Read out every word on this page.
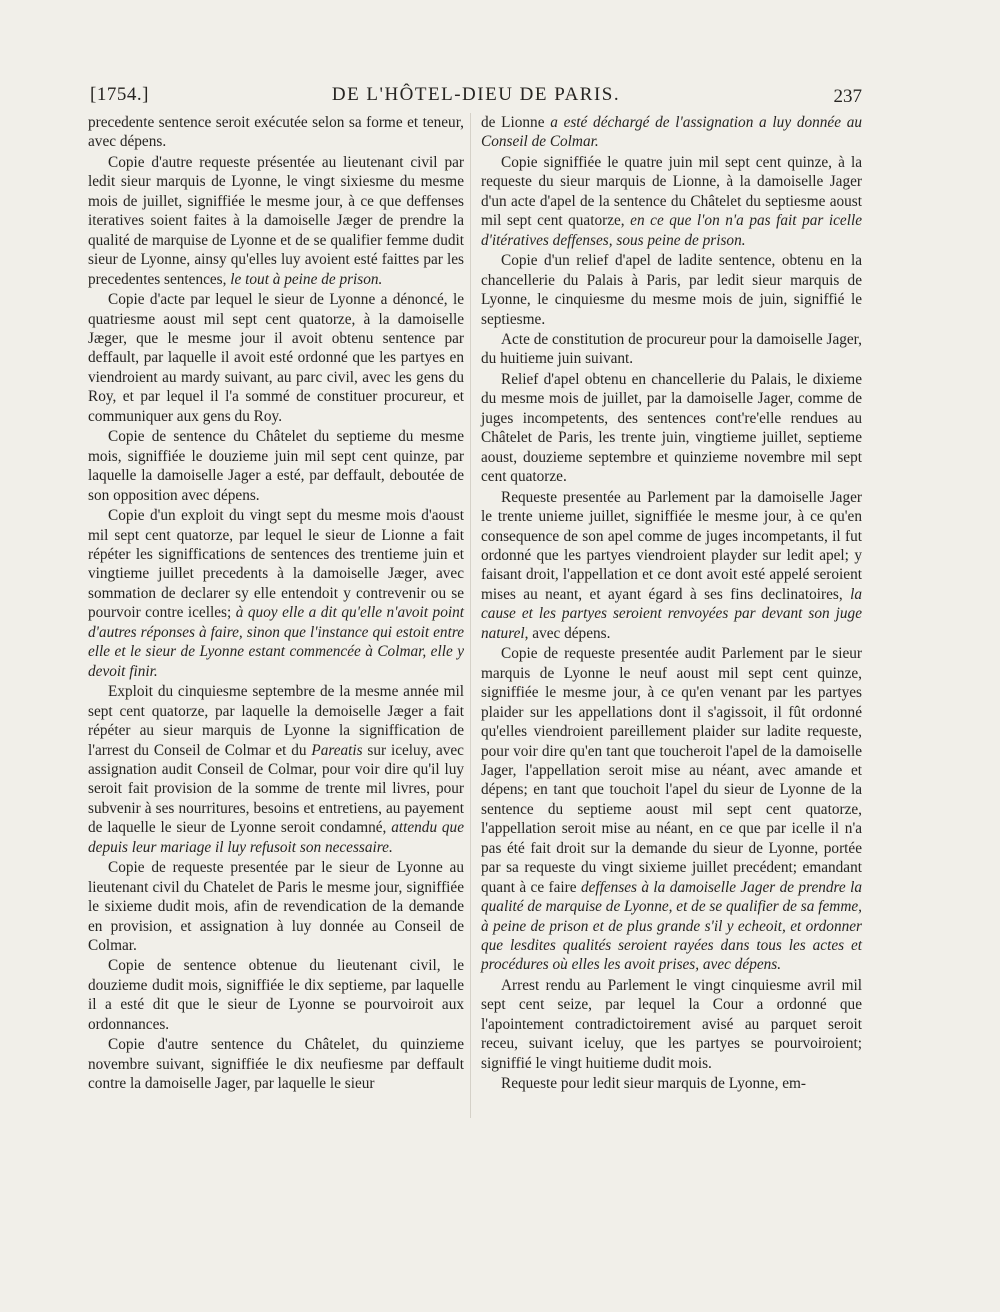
[1754.]	DE L'HÔTEL-DIEU DE PARIS.	237

precedente sentence seroit exécutée selon sa forme et teneur, avec dépens.

Copie d'autre requeste présentée au lieutenant civil par ledit sieur marquis de Lyonne, le vingt sixiesme du mesme mois de juillet, signiffiée le mesme jour, à ce que deffenses iteratives soient faites à la damoiselle Jæger de prendre la qualité de marquise de Lyonne et de se qualifier femme dudit sieur de Lyonne, ainsy qu'elles luy avoient esté faittes par les precedentes sentences, le tout à peine de prison.

Copie d'acte par lequel le sieur de Lyonne a dénoncé, le quatriesme aoust mil sept cent quatorze, à la damoiselle Jæger, que le mesme jour il avoit obtenu sentence par deffault, par laquelle il avoit esté ordonné que les partyes en viendroient au mardy suivant, au parc civil, avec les gens du Roy, et par lequel il l'a sommé de constituer procureur, et communiquer aux gens du Roy.

Copie de sentence du Châtelet du septieme du mesme mois, signiffiée le douzieme juin mil sept cent quinze, par laquelle la damoiselle Jager a esté, par deffault, deboutée de son opposition avec dépens.

Copie d'un exploit du vingt sept du mesme mois d'aoust mil sept cent quatorze, par lequel le sieur de Lionne a fait répéter les signiffications de sentences des trentieme juin et vingtieme juillet precedents à la damoiselle Jæger, avec sommation de declarer sy elle entendoit y contrevenir ou se pourvoir contre icelles; à quoy elle a dit qu'elle n'avoit point d'autres réponses à faire, sinon que l'instance qui estoit entre elle et le sieur de Lyonne estant commencée à Colmar, elle y devoit finir.

Exploit du cinquiesme septembre de la mesme année mil sept cent quatorze, par laquelle la demoiselle Jæger a fait répéter au sieur marquis de Lyonne la signiffication de l'arrest du Conseil de Colmar et du Pareatis sur iceluy, avec assignation audit Conseil de Colmar, pour voir dire qu'il luy seroit fait provision de la somme de trente mil livres, pour subvenir à ses nourritures, besoins et entretiens, au payement de laquelle le sieur de Lyonne seroit condamné, attendu que depuis leur mariage il luy refusoit son necessaire.

Copie de requeste presentée par le sieur de Lyonne au lieutenant civil du Chatelet de Paris le mesme jour, signiffiée le sixieme dudit mois, afin de revendication de la demande en provision, et assignation à luy donnée au Conseil de Colmar.

Copie de sentence obtenue du lieutenant civil, le douzieme dudit mois, signiffiée le dix septieme, par laquelle il a esté dit que le sieur de Lyonne se pourvoiroit aux ordonnances.

Copie d'autre sentence du Châtelet, du quinzieme novembre suivant, signiffiée le dix neufiesme par deffault contre la damoiselle Jager, par laquelle le sieur

de Lionne a esté déchargé de l'assignation a luy donnée au Conseil de Colmar.

Copie signiffiée le quatre juin mil sept cent quinze, à la requeste du sieur marquis de Lionne, à la damoiselle Jager d'un acte d'apel de la sentence du Châtelet du septiesme aoust mil sept cent quatorze, en ce que l'on n'a pas fait par icelle d'itératives deffenses, sous peine de prison.

Copie d'un relief d'apel de ladite sentence, obtenu en la chancellerie du Palais à Paris, par ledit sieur marquis de Lyonne, le cinquiesme du mesme mois de juin, signiffié le septiesme.

Acte de constitution de procureur pour la damoiselle Jager, du huitieme juin suivant.

Relief d'apel obtenu en chancellerie du Palais, le dixieme du mesme mois de juillet, par la damoiselle Jager, comme de juges incompetents, des sentences cont're'elle rendues au Châtelet de Paris, les trente juin, vingtieme juillet, septieme aoust, douzieme septembre et quinzieme novembre mil sept cent quatorze.

Requeste presentée au Parlement par la damoiselle Jager le trente unieme juillet, signiffiée le mesme jour, à ce qu'en consequence de son apel comme de juges incompetants, il fut ordonné que les partyes viendroient playder sur ledit apel; y faisant droit, l'appellation et ce dont avoit esté appelé seroient mises au neant, et ayant égard à ses fins declinatoires, la cause et les partyes seroient renvoyées par devant son juge naturel, avec dépens.

Copie de requeste presentée audit Parlement par le sieur marquis de Lyonne le neuf aoust mil sept cent quinze, signiffiée le mesme jour, à ce qu'en venant par les partyes plaider sur les appellations dont il s'agissoit, il fût ordonné qu'elles viendroient pareillement plaider sur ladite requeste, pour voir dire qu'en tant que toucheroit l'apel de la damoiselle Jager, l'appellation seroit mise au néant, avec amande et dépens; en tant que touchoit l'apel du sieur de Lyonne de la sentence du septieme aoust mil sept cent quatorze, l'appellation seroit mise au néant, en ce que par icelle il n'a pas été fait droit sur la demande du sieur de Lyonne, portée par sa requeste du vingt sixieme juillet precédent; emandant quant à ce faire deffenses à la damoiselle Jager de prendre la qualité de marquise de Lyonne, et de se qualifier de sa femme, à peine de prison et de plus grande s'il y echeoit, et ordonner que lesdites qualités seroient rayées dans tous les actes et procédures où elles les avoit prises, avec dépens.

Arrest rendu au Parlement le vingt cinquiesme avril mil sept cent seize, par lequel la Cour a ordonné que l'apointement contradictoirement avisé au parquet seroit receu, suivant iceluy, que les partyes se pourvoiroient; signiffié le vingt huitieme dudit mois.

Requeste pour ledit sieur marquis de Lyonne, em-
